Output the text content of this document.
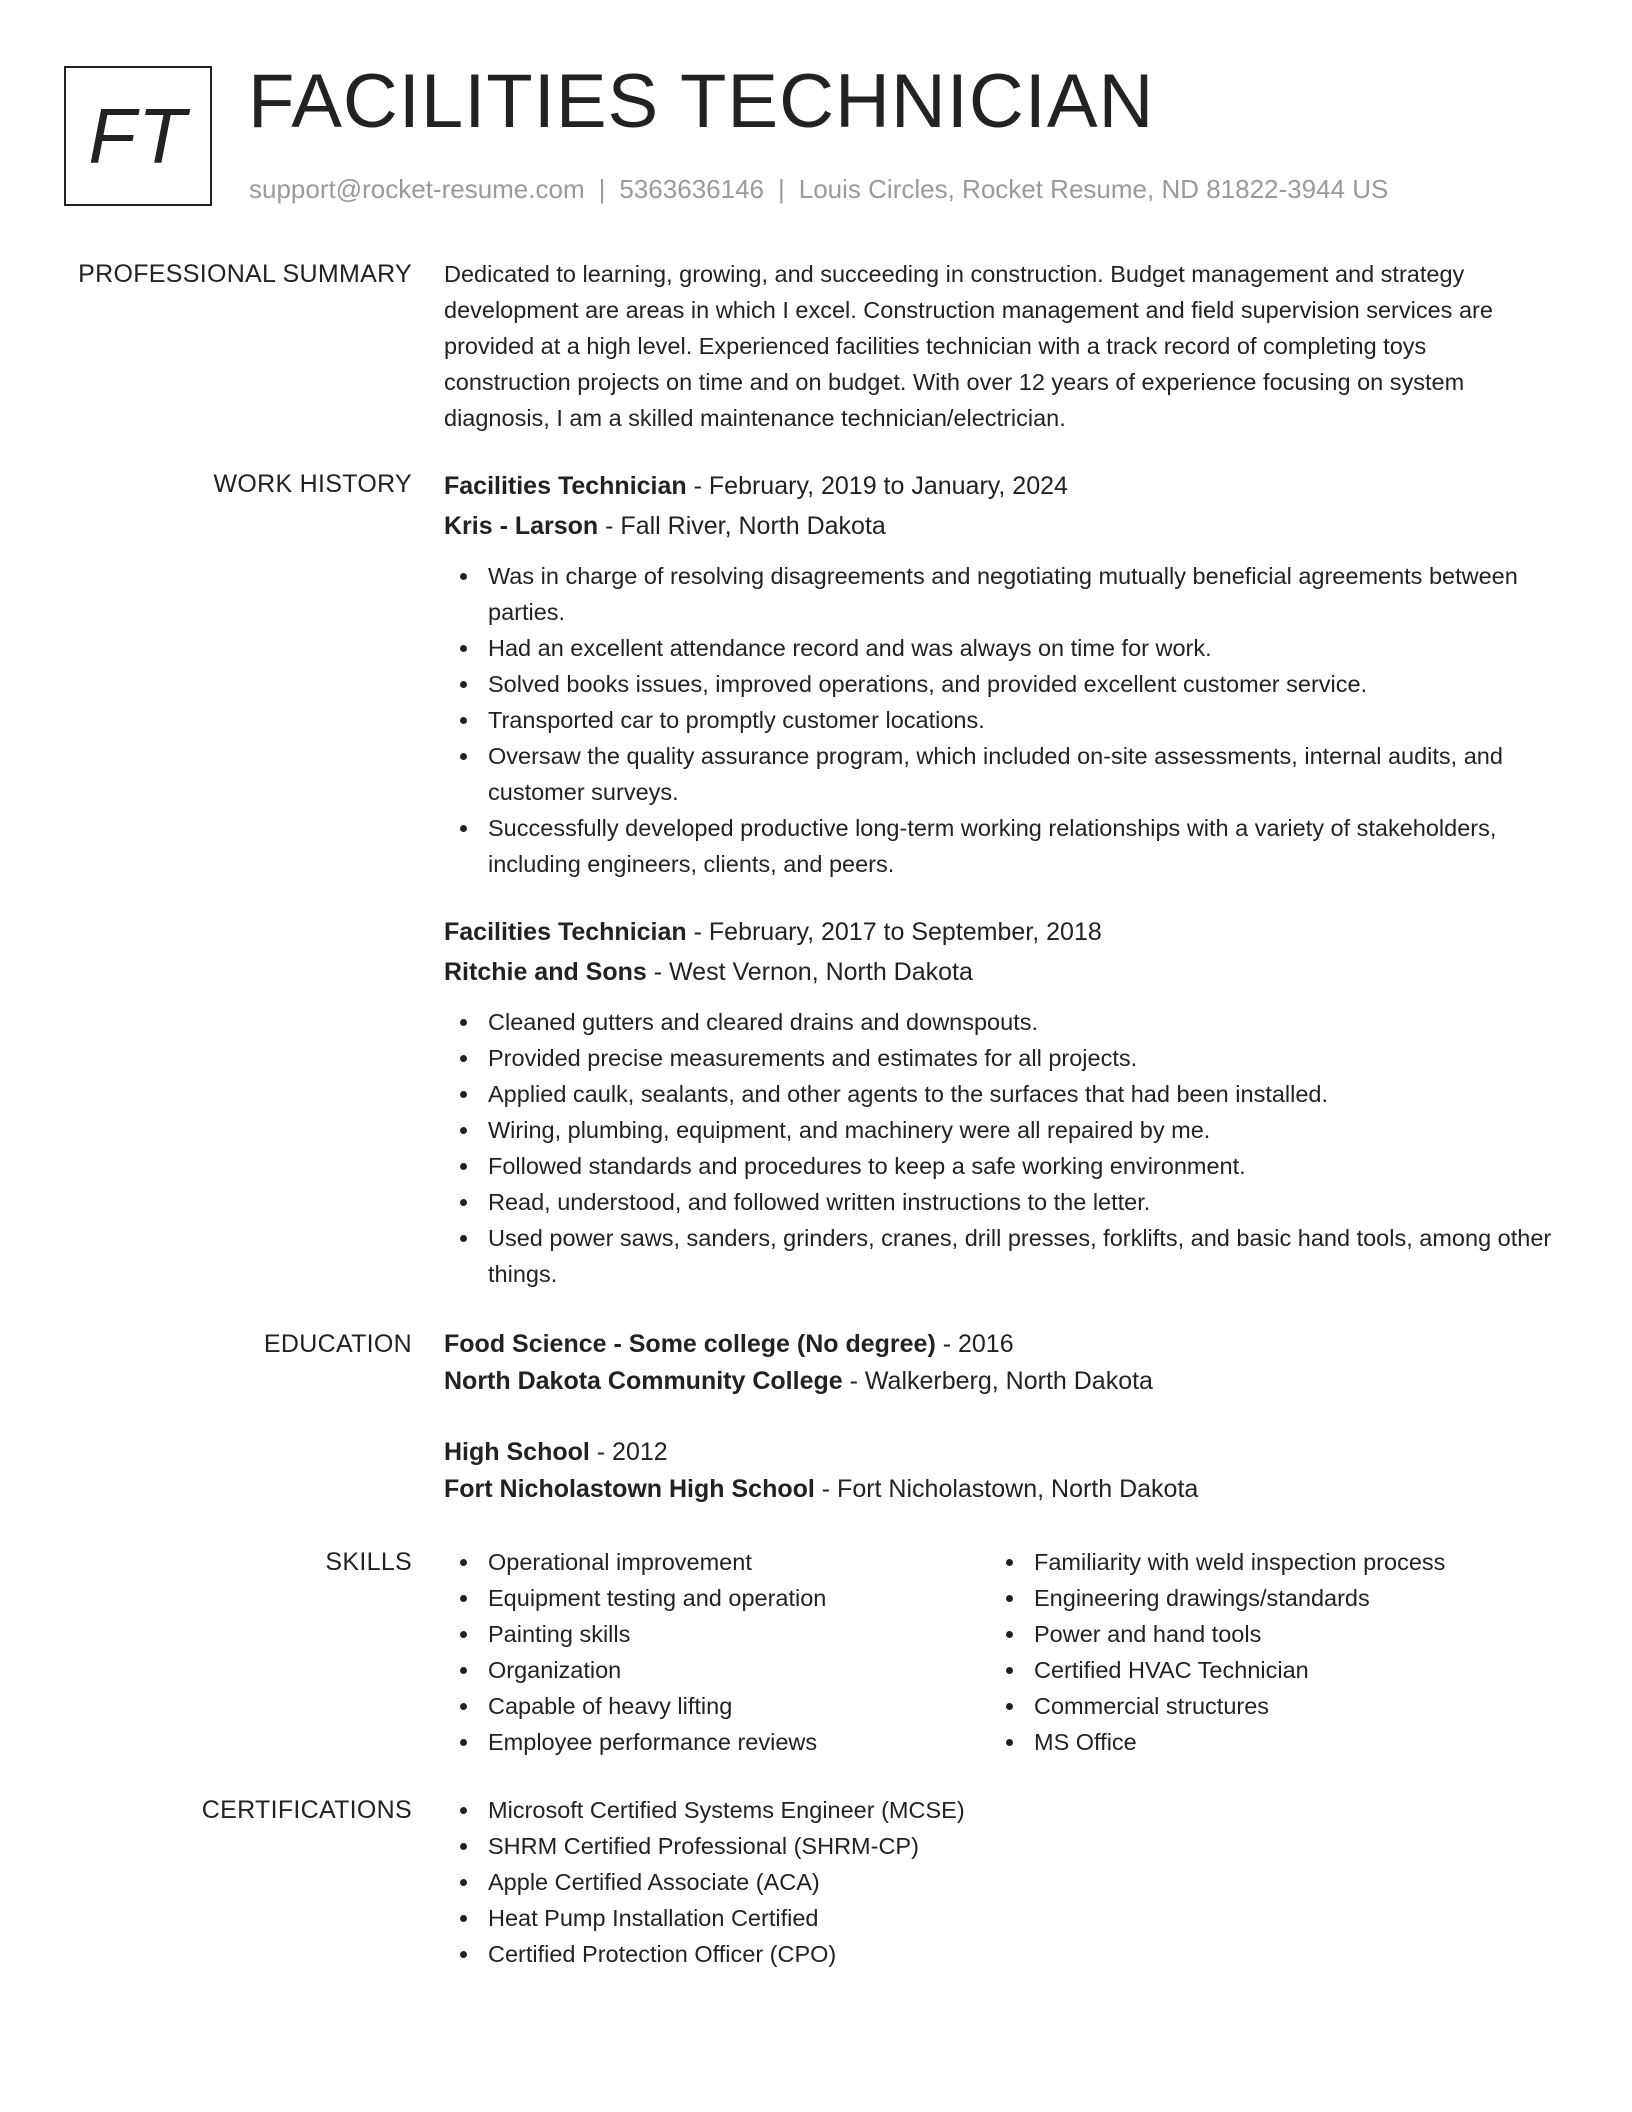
FT FACILITIES TECHNICIAN
support@rocket-resume.com | 5363636146 | Louis Circles, Rocket Resume, ND 81822-3944 US
PROFESSIONAL SUMMARY Dedicated to learning, growing, and succeeding in construction. Budget management and strategy development are areas in which I excel. Construction management and field supervision services are provided at a high level. Experienced facilities technician with a track record of completing toys construction projects on time and on budget. With over 12 years of experience focusing on system diagnosis, I am a skilled maintenance technician/electrician.

WORK HISTORY Facilities Technician - February, 2019 to January, 2024
Kris - Larson - Fall River, North Dakota
Was in charge of resolving disagreements and negotiating mutually beneficial agreements between parties.
Had an excellent attendance record and was always on time for work.
Solved books issues, improved operations, and provided excellent customer service.
Transported car to promptly customer locations.
Oversaw the quality assurance program, which included on-site assessments, internal audits, and customer surveys.
Successfully developed productive long-term working relationships with a variety of stakeholders, including engineers, clients, and peers.
Facilities Technician - February, 2017 to September, 2018
Ritchie and Sons - West Vernon, North Dakota
Cleaned gutters and cleared drains and downspouts.
Provided precise measurements and estimates for all projects.
Applied caulk, sealants, and other agents to the surfaces that had been installed.
Wiring, plumbing, equipment, and machinery were all repaired by me.
Followed standards and procedures to keep a safe working environment.
Read, understood, and followed written instructions to the letter.
Used power saws, sanders, grinders, cranes, drill presses, forklifts, and basic hand tools, among other things.
EDUCATION Food Science - Some college (No degree) - 2016
North Dakota Community College - Walkerberg, North Dakota
High School - 2012
Fort Nicholastown High School - Fort Nicholastown, North Dakota
SKILLS	Operational improvement
Equipment testing and operation
Painting skills
Organization
Capable of heavy lifting
Employee performance reviews
Familiarity with weld inspection process
Engineering drawings/standards
Power and hand tools
Certified HVAC Technician
Commercial structures
MS Office
CERTIFICATIONS	Microsoft Certified Systems Engineer (MCSE)
SHRM Certified Professional (SHRM-CP)
Apple Certified Associate (ACA)
Heat Pump Installation Certified
Certified Protection Officer (CPO)
